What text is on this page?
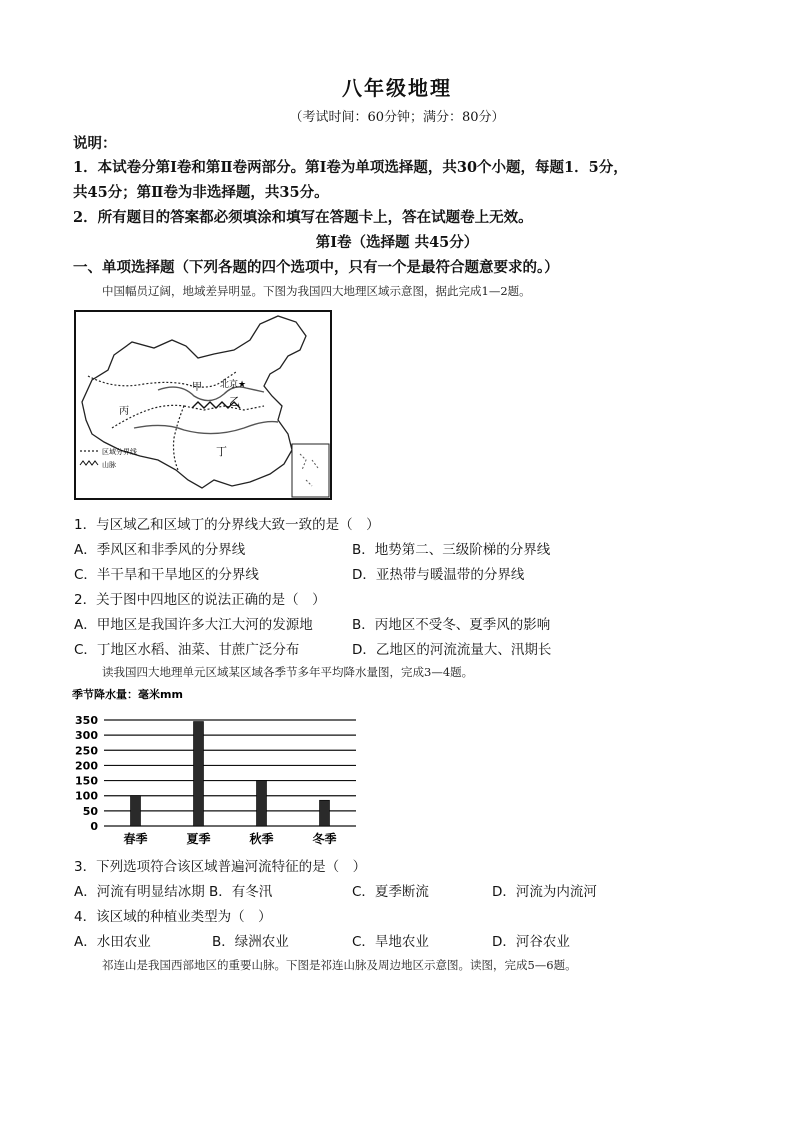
八年级地理
（考试时间：60分钟；满分：80分）
说明：
1．本试卷分第Ⅰ卷和第Ⅱ卷两部分。第Ⅰ卷为单项选择题，共30个小题，每题1．5分，
共45分；第Ⅱ卷为非选择题，共35分。
2．所有题目的答案都必须填涂和填写在答题卡上，答在试题卷上无效。
第Ⅰ卷（选择题 共45分）
一、单项选择题（下列各题的四个选项中，只有一个是最符合题意要求的。）
中国幅员辽阔，地域差异明显。下图为我国四大地理区域示意图，据此完成1—2题。
甲
乙
丙
丁
北京★
区域分界线
山脉
1．与区域乙和区域丁的分界线大致一致的是（　）
A．季风区和非季风的分界线	B．地势第二、三级阶梯的分界线
C．半干旱和干旱地区的分界线	D．亚热带与暖温带的分界线
2．关于图中四地区的说法正确的是（　）
A．甲地区是我国许多大江大河的发源地	B．丙地区不受冬、夏季风的影响
C．丁地区水稻、油菜、甘蔗广泛分布	D．乙地区的河流流量大、汛期长
读我国四大地理单元区域某区域各季节多年平均降水量图，完成3—4题。
季节降水量：毫米mm
0
50
100
150
200
250
300
350
春季	夏季	秋季	冬季
3．下列选项符合该区域普遍河流特征的是（　）
A．河流有明显结冰期 B．有冬汛	C．夏季断流	D．河流为内流河
4．该区域的种植业类型为（　）
A．水田农业	B．绿洲农业	C．旱地农业	D．河谷农业
祁连山是我国西部地区的重要山脉。下图是祁连山脉及周边地区示意图。读图，完成5—6题。
